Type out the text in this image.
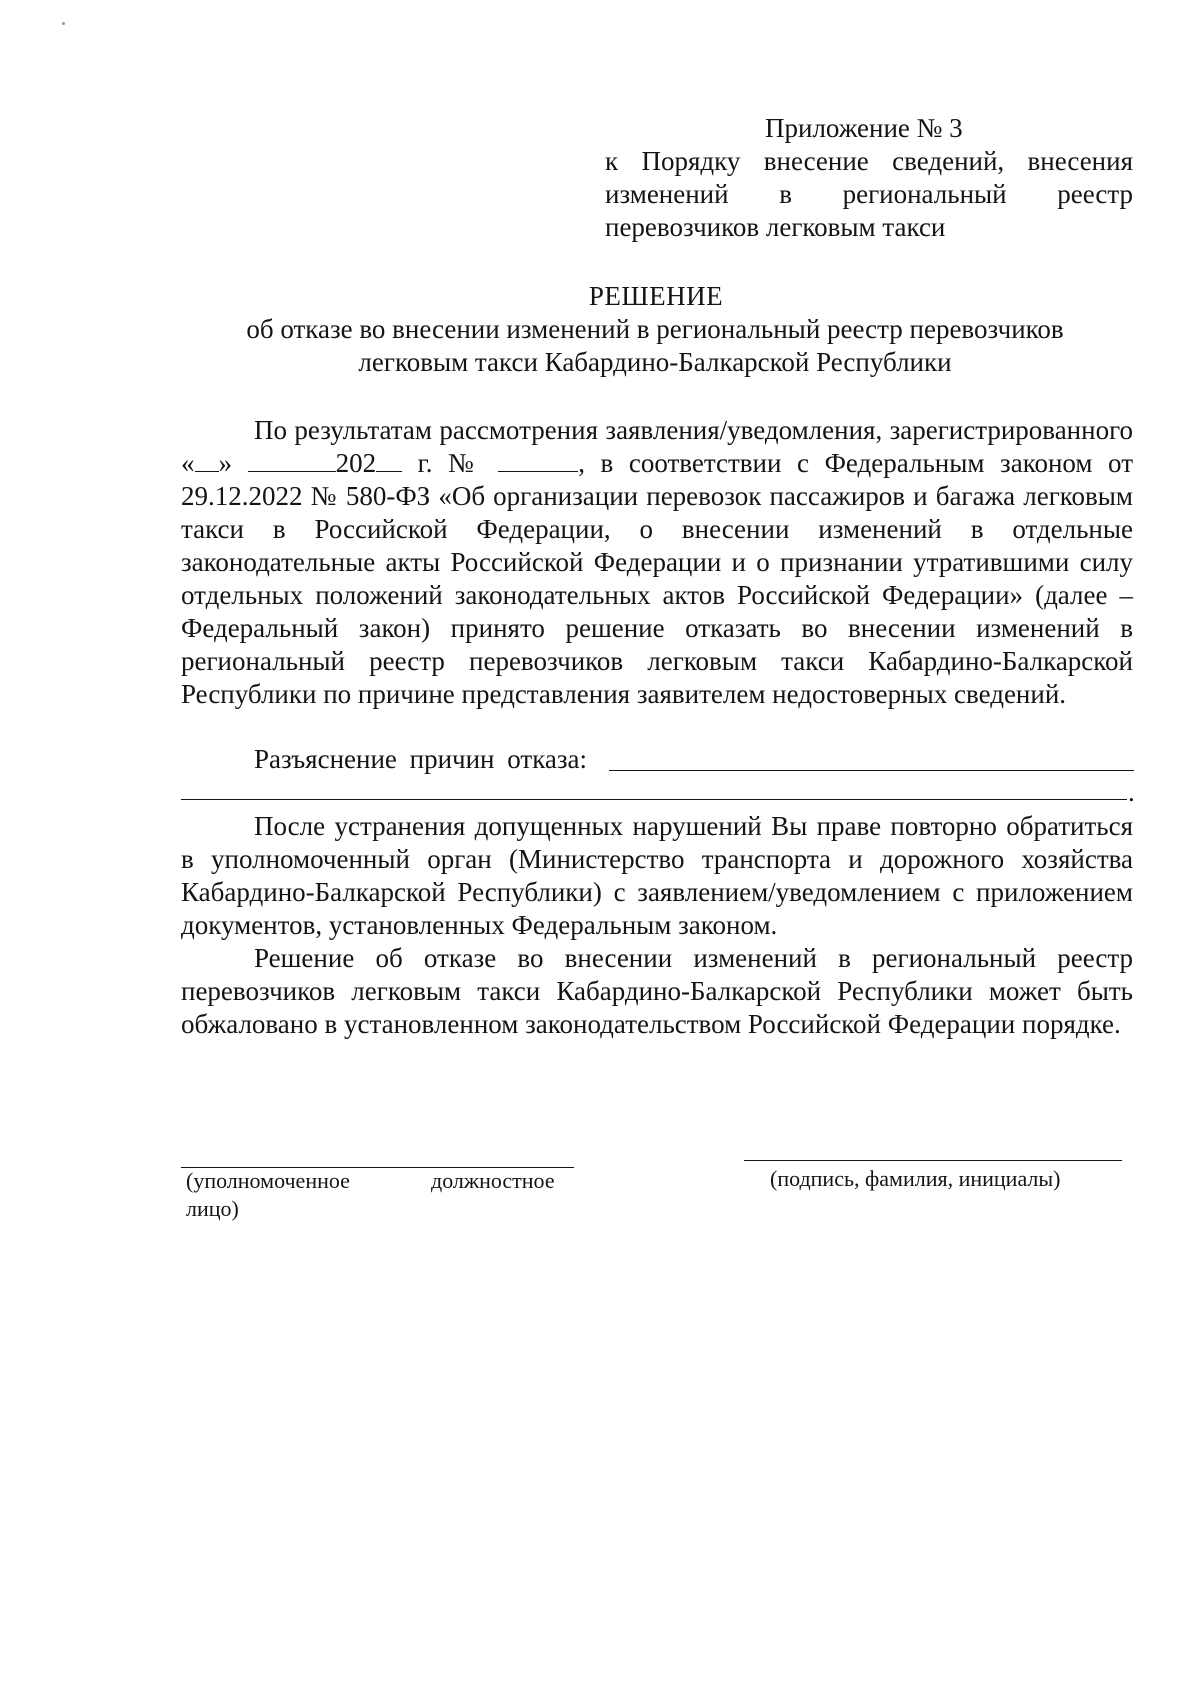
Приложение № 3
к Порядку внесение сведений, внесения изменений в региональный реестр перевозчиков легковым такси
РЕШЕНИЕ
об отказе во внесении изменений в региональный реестр перевозчиков легковым такси Кабардино-Балкарской Республики
По результатам рассмотрения заявления/уведомления, зарегистрированного « »	202 г. №	, в соответствии с Федеральным законом от 29.12.2022 № 580-ФЗ «Об организации перевозок пассажиров и багажа легковым такси в Российской Федерации, о внесении изменений в отдельные законодательные акты Российской Федерации и о признании утратившими силу отдельных положений законодательных актов Российской Федерации» (далее – Федеральный закон) принято решение отказать во внесении изменений в региональный реестр перевозчиков легковым такси Кабардино-Балкарской Республики по причине представления заявителем недостоверных сведений.
Разъяснение причин отказа:
.
После устранения допущенных нарушений Вы праве повторно обратиться в уполномоченный орган (Министерство транспорта и дорожного хозяйства Кабардино-Балкарской Республики) с заявлением/уведомлением с приложением документов, установленных Федеральным законом.
Решение об отказе во внесении изменений в региональный реестр перевозчиков легковым такси Кабардино-Балкарской Республики может быть обжаловано в установленном законодательством Российской Федерации порядке.
(уполномоченное	должностное
лицо)
(подпись, фамилия, инициалы)
